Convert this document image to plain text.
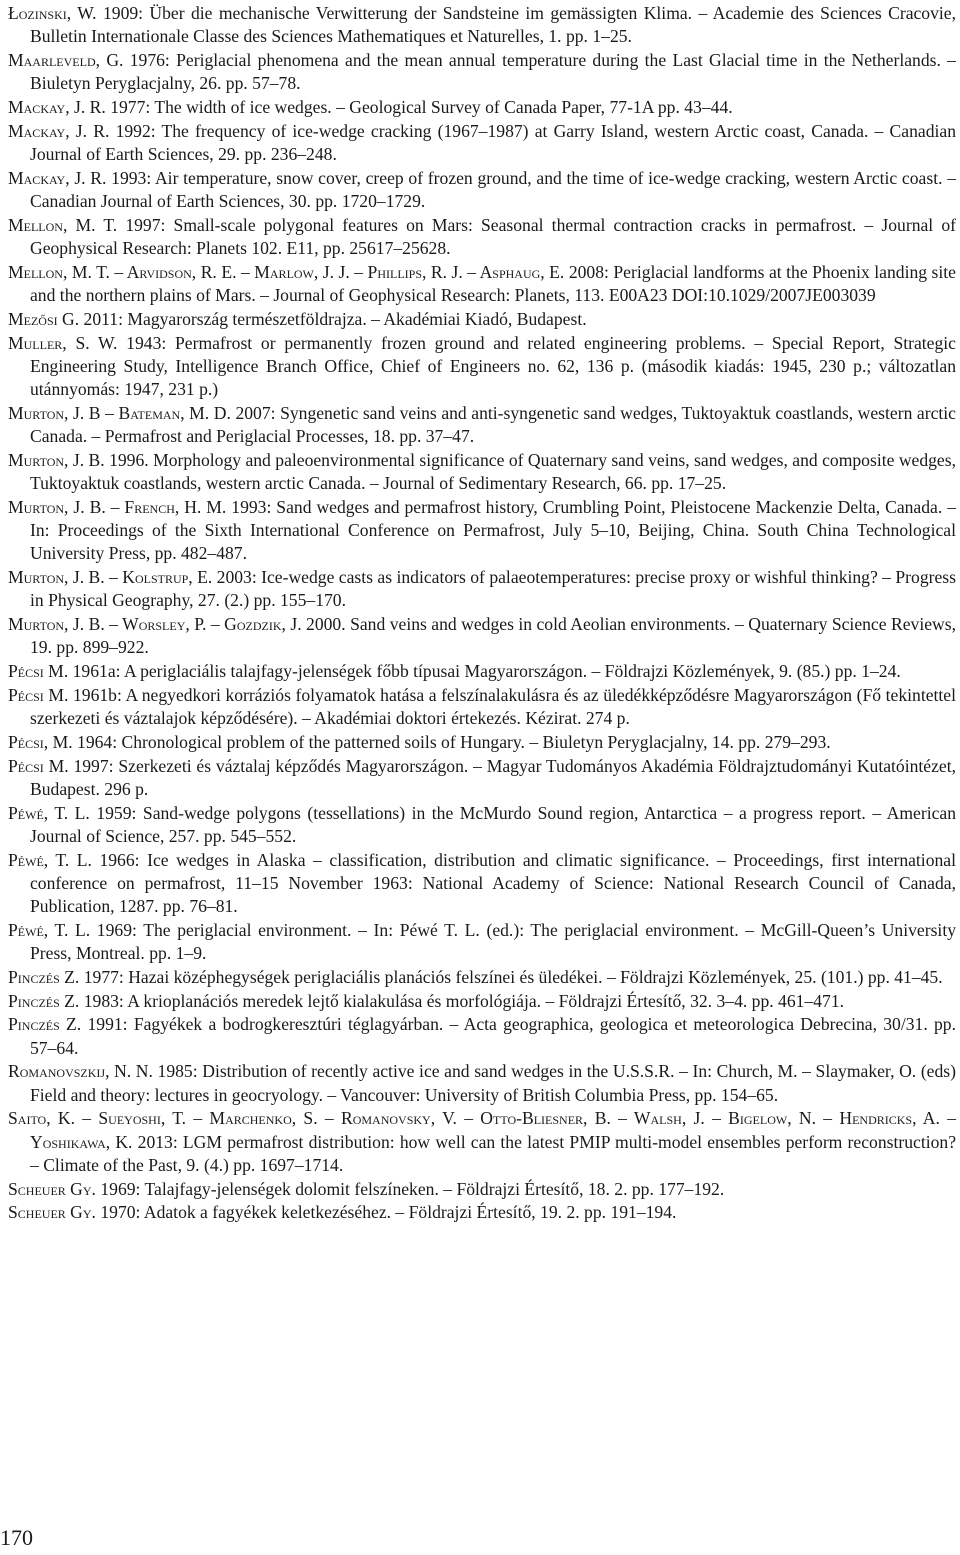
Łozinski, W. 1909: Über die mechanische Verwitterung der Sandsteine im gemässigten Klima. – Academie des Sciences Cracovie, Bulletin Internationale Classe des Sciences Mathematiques et Naturelles, 1. pp. 1–25.

Maarleveld, G. 1976: Periglacial phenomena and the mean annual temperature during the Last Glacial time in the Netherlands. – Biuletyn Peryglacjalny, 26. pp. 57–78.

Mackay, J. R. 1977: The width of ice wedges. – Geological Survey of Canada Paper, 77-1A pp. 43–44.

Mackay, J. R. 1992: The frequency of ice-wedge cracking (1967–1987) at Garry Island, western Arctic coast, Canada. – Canadian Journal of Earth Sciences, 29. pp. 236–248.

Mackay, J. R. 1993: Air temperature, snow cover, creep of frozen ground, and the time of ice-wedge cracking, western Arctic coast. – Canadian Journal of Earth Sciences, 30. pp. 1720–1729.

Mellon, M. T. 1997: Small-scale polygonal features on Mars: Seasonal thermal contraction cracks in permafrost. – Journal of Geophysical Research: Planets 102. E11, pp. 25617–25628.

Mellon, M. T. – Arvidson, R. E. – Marlow, J. J. – Phillips, R. J. – Asphaug, E. 2008: Periglacial landforms at the Phoenix landing site and the northern plains of Mars. – Journal of Geophysical Research: Planets, 113. E00A23 DOI:10.1029/2007JE003039

Mezősi G. 2011: Magyarország természetföldrajza. – Akadémiai Kiadó, Budapest.

Muller, S. W. 1943: Permafrost or permanently frozen ground and related engineering problems. – Special Report, Strategic Engineering Study, Intelligence Branch Office, Chief of Engineers no. 62, 136 p. (második kiadás: 1945, 230 p.; változatlan utánnyomás: 1947, 231 p.)

Murton, J. B – Bateman, M. D. 2007: Syngenetic sand veins and anti-syngenetic sand wedges, Tuktoyaktuk coastlands, western arctic Canada. – Permafrost and Periglacial Processes, 18. pp. 37–47.

Murton, J. B. 1996. Morphology and paleoenvironmental significance of Quaternary sand veins, sand wedges, and composite wedges, Tuktoyaktuk coastlands, western arctic Canada. – Journal of Sedimentary Research, 66. pp. 17–25.

Murton, J. B. – French, H. M. 1993: Sand wedges and permafrost history, Crumbling Point, Pleistocene Mackenzie Delta, Canada. – In: Proceedings of the Sixth International Conference on Permafrost, July 5–10, Beijing, China. South China Technological University Press, pp. 482–487.

Murton, J. B. – Kolstrup, E. 2003: Ice-wedge casts as indicators of palaeotemperatures: precise proxy or wishful thinking? – Progress in Physical Geography, 27. (2.) pp. 155–170.

Murton, J. B. – Worsley, P. – Gozdzik, J. 2000. Sand veins and wedges in cold Aeolian environments. – Quaternary Science Reviews, 19. pp. 899–922.

Pécsi M. 1961a: A periglaciális talajfagy-jelenségek főbb típusai Magyarországon. – Földrajzi Közlemények, 9. (85.) pp. 1–24.

Pécsi M. 1961b: A negyedkori korráziós folyamatok hatása a felszínalakulásra és az üledékképződésre Magyarországon (Fő tekintettel szerkezeti és váztalajok képződésére). – Akadémiai doktori értekezés. Kézirat. 274 p.

Pécsi, M. 1964: Chronological problem of the patterned soils of Hungary. – Biuletyn Peryglacjalny, 14. pp. 279–293.

Pécsi M. 1997: Szerkezeti és váztalaj képződés Magyarországon. – Magyar Tudományos Akadémia Földrajztudományi Kutatóintézet, Budapest. 296 p.

Péwé, T. L. 1959: Sand-wedge polygons (tessellations) in the McMurdo Sound region, Antarctica – a progress report. – American Journal of Science, 257. pp. 545–552.

Péwé, T. L. 1966: Ice wedges in Alaska – classification, distribution and climatic significance. – Proceedings, first international conference on permafrost, 11–15 November 1963: National Academy of Science: National Research Council of Canada, Publication, 1287. pp. 76–81.

Péwé, T. L. 1969: The periglacial environment. – In: Péwé T. L. (ed.): The periglacial environment. – McGill-Queen’s University Press, Montreal. pp. 1–9.

Pinczés Z. 1977: Hazai középhegységek periglaciális planációs felszínei és üledékei. – Földrajzi Közlemények, 25. (101.) pp. 41–45.

Pinczés Z. 1983: A krioplanációs meredek lejtő kialakulása és morfológiája. – Földrajzi Értesítő, 32. 3–4. pp. 461–471.

Pinczés Z. 1991: Fagyékek a bodrogkeresztúri téglagyárban. – Acta geographica, geologica et meteorologica Debrecina, 30/31. pp. 57–64.

Romanovszkij, N. N. 1985: Distribution of recently active ice and sand wedges in the U.S.S.R. – In: Church, M. – Slaymaker, O. (eds) Field and theory: lectures in geocryology. – Vancouver: University of British Columbia Press, pp. 154–65.

Saito, K. – Sueyoshi, T. – Marchenko, S. – Romanovsky, V. – Otto-Bliesner, B. – Walsh, J. – Bigelow, N. – Hendricks, A. – Yoshikawa, K. 2013: LGM permafrost distribution: how well can the latest PMIP multi-model ensembles perform reconstruction? – Climate of the Past, 9. (4.) pp. 1697–1714.

Scheuer Gy. 1969: Talajfagy-jelenségek dolomit felszíneken. – Földrajzi Értesítő, 18. 2. pp. 177–192.

Scheuer Gy. 1970: Adatok a fagyékek keletkezéséhez. – Földrajzi Értesítő, 19. 2. pp. 191–194.

170
